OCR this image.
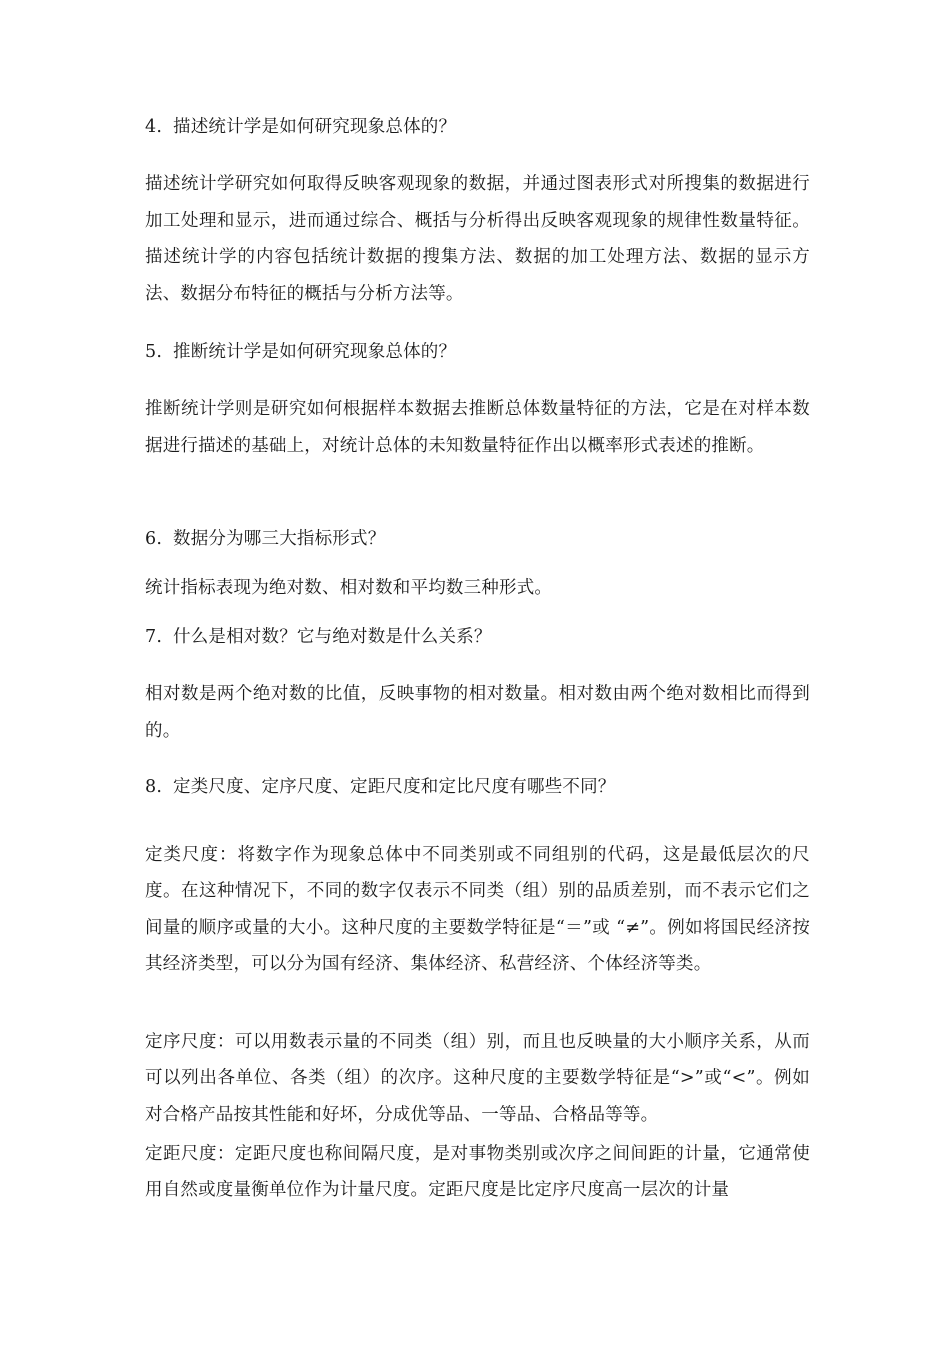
4. 描述统计学是如何研究现象总体的？

描述统计学研究如何取得反映客观现象的数据，并通过图表形式对所搜集的数据进行加工处理和显示，进而通过综合、概括与分析得出反映客观现象的规律性数量特征。描述统计学的内容包括统计数据的搜集方法、数据的加工处理方法、数据的显示方法、数据分布特征的概括与分析方法等。

5. 推断统计学是如何研究现象总体的？

推断统计学则是研究如何根据样本数据去推断总体数量特征的方法，它是在对样本数据进行描述的基础上，对统计总体的未知数量特征作出以概率形式表述的推断。

6. 数据分为哪三大指标形式？

统计指标表现为绝对数、相对数和平均数三种形式。

7. 什么是相对数？它与绝对数是什么关系？

相对数是两个绝对数的比值，反映事物的相对数量。相对数由两个绝对数相比而得到的。

8. 定类尺度、定序尺度、定距尺度和定比尺度有哪些不同？

定类尺度：将数字作为现象总体中不同类别或不同组别的代码，这是最低层次的尺度。在这种情况下，不同的数字仅表示不同类（组）别的品质差别，而不表示它们之间量的顺序或量的大小。这种尺度的主要数学特征是“＝”或 “≠”。例如将国民经济按其经济类型，可以分为国有经济、集体经济、私营经济、个体经济等类。

定序尺度：可以用数表示量的不同类（组）别，而且也反映量的大小顺序关系，从而可以列出各单位、各类（组）的次序。这种尺度的主要数学特征是“>”或“<”。例如对合格产品按其性能和好坏，分成优等品、一等品、合格品等等。

定距尺度：定距尺度也称间隔尺度，是对事物类别或次序之间间距的计量，它通常使用自然或度量衡单位作为计量尺度。定距尺度是比定序尺度高一层次的计量
